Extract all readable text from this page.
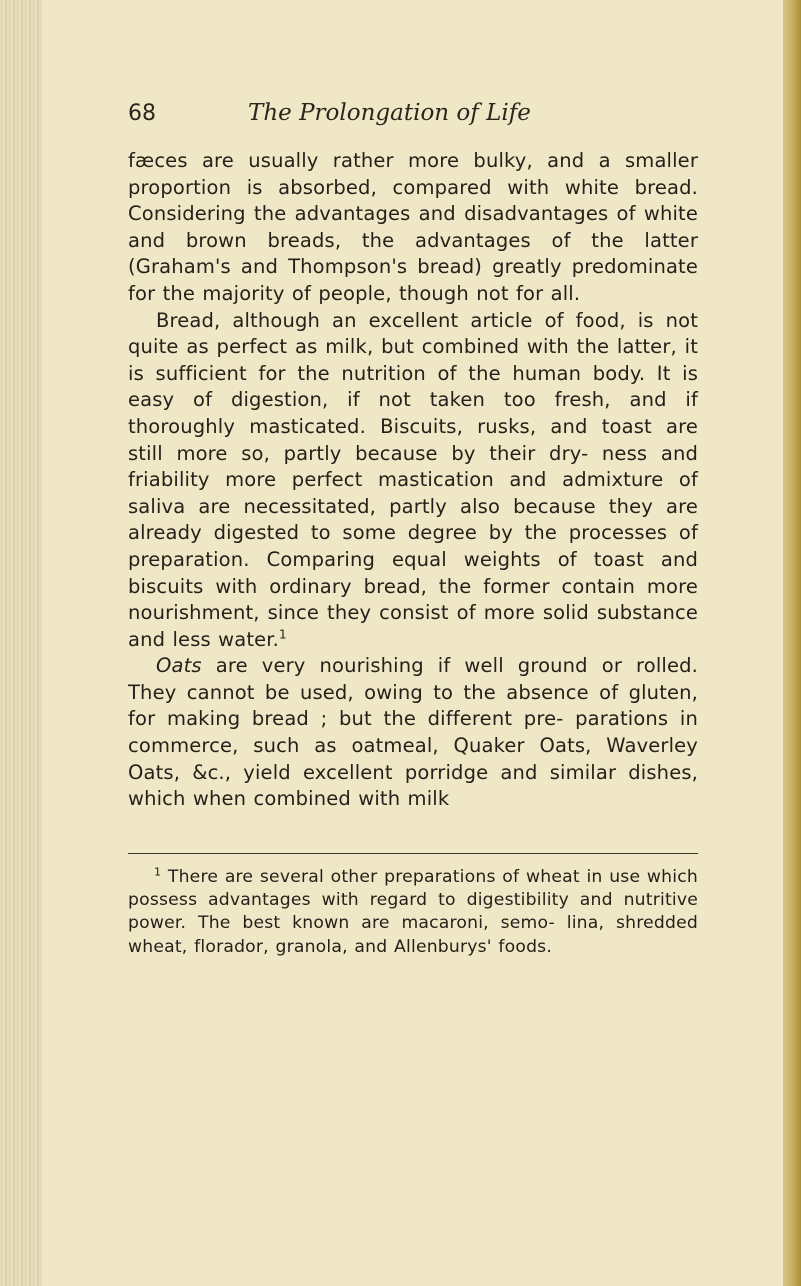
68	The Prolongation of Life

fæces are usually rather more bulky, and a smaller proportion is absorbed, compared with white bread. Considering the advantages and disadvantages of white and brown breads, the advantages of the latter (Graham's and Thompson's bread) greatly predominate for the majority of people, though not for all.

Bread, although an excellent article of food, is not quite as perfect as milk, but combined with the latter, it is sufficient for the nutrition of the human body. It is easy of digestion, if not taken too fresh, and if thoroughly masticated. Biscuits, rusks, and toast are still more so, partly because by their dry- ness and friability more perfect mastication and admixture of saliva are necessitated, partly also because they are already digested to some degree by the processes of preparation. Comparing equal weights of toast and biscuits with ordinary bread, the former contain more nourishment, since they consist of more solid substance and less water.$^1$

Oats are very nourishing if well ground or rolled. They cannot be used, owing to the absence of gluten, for making bread ; but the different pre- parations in commerce, such as oatmeal, Quaker Oats, Waverley Oats, &c., yield excellent porridge and similar dishes, which when combined with milk

$^1$ There are several other preparations of wheat in use which possess advantages with regard to digestibility and nutritive power. The best known are macaroni, semo- lina, shredded wheat, florador, granola, and Allenburys' foods.
